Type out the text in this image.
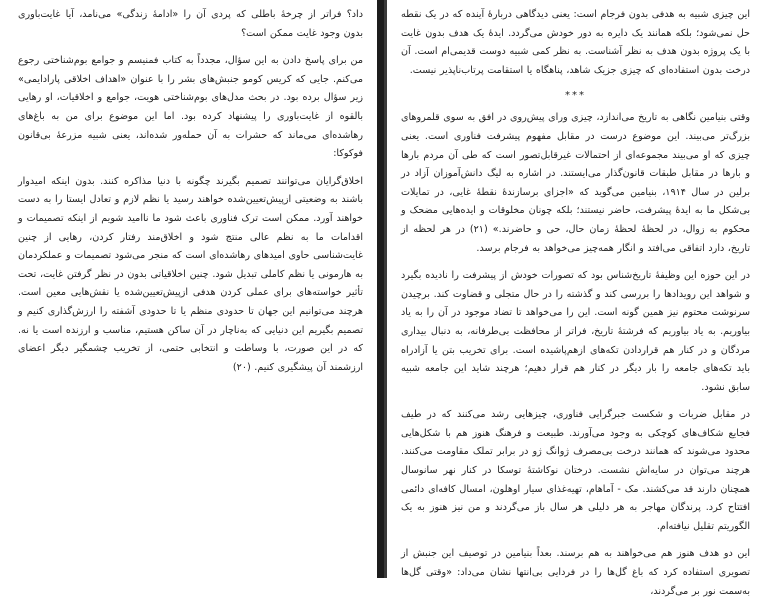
داد؟ فراتر از چرخهٔ باطلی که پردی آن را «ادامهٔ زندگی» می‌نامد، آیا غایت‌باوری بدون وجود غایت ممکن است؟

من برای پاسخ دادن به این سؤال، مجدداً به کتاب فمنیسم و جوامع بوم‌شناختی رجوع می‌کنم. جایی که کریس کومو جنبش‌های بشر را با عنوان «اهداف اخلاقی پارادایمی» زیر سؤال برده بود. در بحث مدل‌های بوم‌شناختی هویت، جوامع و اخلاقیات، او رهایی بالقوه از غایت‌باوری را پیشنهاد کرده بود. اما این موضوع برای من به باغ‌های رهاشده‌ای می‌ماند که حشرات به آن حمله‌ور شده‌اند، یعنی شبیه مزرعهٔ بی‌قانون فوکوکا:

اخلاق‌گرایان می‌توانند تصمیم بگیرند چگونه با دنیا مذاکره کنند. بدون اینکه امیدوار باشند به وضعیتی ازپیش‌تعیین‌شده خواهند رسید یا نظم لازم و تعادل ایستا را به دست خواهند آورد. ممکن است ترک فناوری باعث شود ما ناامید شویم از اینکه تصمیمات و اقدامات ما به نظم عالی منتج شود و اخلاق‌مند رفتار کردن، رهایی از چنین غایت‌شناسی حاوی امیدهای رهاشده‌ای است که منجر می‌شود تصمیمات و عملکردمان به هارمونی یا نظم کاملی تبدیل شود. چنین اخلاقیاتی بدون در نظر گرفتن غایت، تحت تأثیر خواسته‌های برای عملی کردن هدفی ازپیش‌تعیین‌شده یا نقش‌هایی معین است. هرچند می‌توانیم این جهان تا حدودی منظم یا تا حدودی آشفته را ارزش‌گذاری کنیم و تصمیم بگیریم این دنیایی که به‌ناچار در آن ساکن هستیم، مناسب و ارزنده است یا نه. که در این صورت، با وساطت و انتخابی حتمی، از تخریب چشمگیر دیگر اعضای ارزشمند آن پیشگیری کنیم. (۲۰)

این چیزی شبیه به هدفی بدون فرجام است: یعنی دیدگاهی دربارهٔ آینده که در یک نقطه حل نمی‌شود؛ بلکه همانند یک دایره به دور خودش می‌گردد. ایدهٔ یک هدف بدون غایت با یک پروژه بدون هدف به نظر آشناست. به نظر کمی شبیه دوست قدیمی‌ام است. آن درخت بدون استفاده‌ای که چیزی جزیک شاهد، پناهگاه یا استقامت پرتاب‌ناپذیر نیست.

***

وقتی بنیامین نگاهی به تاریخ می‌اندازد، چیزی ورای پیش‌روی در افق به سوی قلمروهای بزرگ‌تر می‌بیند. این موضوع درست در مقابل مفهوم پیشرفت فناوری است. یعنی چیزی که او می‌بیند مجموعه‌ای از احتمالات غیرقابل‌تصور است که طی آن مردم بارها و بارها در مقابل طبقات قانون‌گذار می‌ایستند. در اشاره به لیگ دانش‌آموزان آزاد در برلین در سال ۱۹۱۴، بنیامین می‌گوید که «اجزای برسازندهٔ نقطهٔ غایی، در تمایلات بی‌شکل ما به ایدهٔ پیشرفت، حاضر نیستند؛ بلکه چونان مخلوقات و ایده‌هایی مضحک و محکوم به زوال، در لحظهٔ لحظهٔ زمان حال، حی و حاضرند.» (۲۱) در هر لحظه از تاریخ، دارد اتفاقی می‌افتد و انگار همه‌چیز می‌خواهد به فرجام برسد.

در این حوزه این وظیفهٔ تاریخ‌شناس بود که تصورات خودش از پیشرفت را نادیده بگیرد و شواهد این رویدادها را بررسی کند و گذشته را در حال متجلی و قضاوت کند. برچیدن سرنوشت محتوم نیز همین گونه است. این را می‌خواهد تا تضاد موجود در آن را به یاد بیاوریم. به یاد بیاوریم که فرشتهٔ تاریخ، فراتر از محافظت بی‌طرفانه، به دنبال بیداری مردگان و در کنار هم قراردادن تکه‌های ازهم‌پاشیده است. برای تخریب بتن یا آزادراه باید تکه‌های جامعه را بار دیگر در کنار هم قرار دهیم؛ هرچند شاید این جامعه شبیه سابق نشود.

در مقابل ضربات و شکست جبرگرایی فناوری، چیزهایی رشد می‌کنند که در طیف فجایع شکاف‌های کوچکی به وجود می‌آورند. طبیعت و فرهنگ هنوز هم با شکل‌هایی محدود می‌شوند که همانند درخت بی‌مصرف ژوانگ ژو در برابر تملک مقاومت می‌کنند. هرچند می‌توان در سایه‌اش نشست. درختان نوکاشتهٔ توسکا در کنار نهر سانوسال همچنان دارند قد می‌کشند. مک - آماهام، تهیه‌غذای سیار اوهلون، امسال کافه‌ای دائمی افتتاح کرد. پرندگان مهاجر به هر دلیلی هر سال باز می‌گردند و من نیز هنوز به یک الگوریتم تقلیل نیافته‌ام.

این دو هدف هنوز هم می‌خواهند به هم برسند. بعداً بنیامین در توصیف این جنبش از تصویری استفاده کرد که باغ گل‌ها را در فردایی بی‌انتها نشان می‌داد: «وقتی گل‌ها به‌سمت نور بر می‌گردند،
